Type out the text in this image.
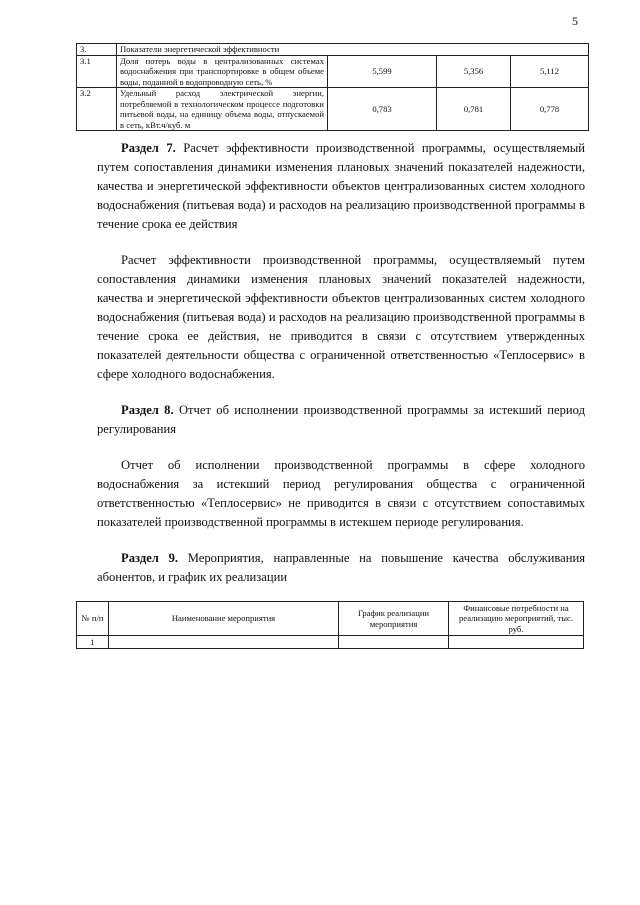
5
3.	Показатели энергетической эффективности			
3.1	Доля потерь воды в централизованных системах водоснабжения при транспортировке в общем объеме воды, поданной в водопроводную сеть, %	5,599	5,356	5,112
3.2	Удельный расход электрической энергии, потребляемой в технологическом процессе подготовки питьевой воды, на единицу объема воды, отпускаемой в сеть, кВт.ч/куб. м	0,783	0,781	0,778
Раздел 7. Расчет эффективности производственной программы, осуществляемый путем сопоставления динамики изменения плановых значений показателей надежности, качества и энергетической эффективности объектов централизованных систем холодного водоснабжения (питьевая вода) и расходов на реализацию производственной программы в течение срока ее действия
Расчет эффективности производственной программы, осуществляемый путем сопоставления динамики изменения плановых значений показателей надежности, качества и энергетической эффективности объектов централизованных систем холодного водоснабжения (питьевая вода) и расходов на реализацию производственной программы в течение срока ее действия, не приводится в связи с отсутствием утвержденных показателей деятельности общества с ограниченной ответственностью «Теплосервис» в сфере холодного водоснабжения.
Раздел 8. Отчет об исполнении производственной программы за истекший период регулирования
Отчет об исполнении производственной программы в сфере холодного водоснабжения за истекший период регулирования общества с ограниченной ответственностью «Теплосервис» не приводится в связи с отсутствием сопоставимых показателей производственной программы в истекшем периоде регулирования.
Раздел 9. Мероприятия, направленные на повышение качества обслуживания абонентов, и график их реализации
№ п/п	Наименование мероприятия	График реализации мероприятия	Финансовые потребности на реализацию мероприятий, тыс. руб.
1			
